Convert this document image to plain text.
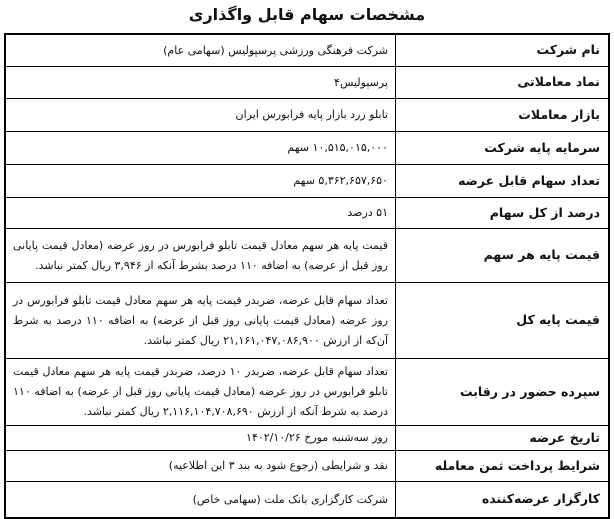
مشخصات سهام قابل واگذاری
نام شرکت	شرکت فرهنگی ورزشی پرسپولیس (سهامی عام)
نماد معاملاتی	پرسپولیس۴
بازار معاملات	تابلو زرد بازار پایه فرابورس ایران
سرمایه پایه شرکت	۱۰,۵۱۵,۰۱۵,۰۰۰ سهم
تعداد سهام قابل عرضه	۵,۳۶۲,۶۵۷,۶۵۰ سهم
درصد از کل سهام	۵۱ درصد
قیمت پایه هر سهم	قیمت پایه هر سهم معادل قیمت تابلو فرابورس در روز عرضه (معادل قیمت پایانی روز قبل از عرضه) به اضافه ۱۱۰ درصد بشرط آنکه از ۳,۹۴۶ ریال کمتر نباشد.
قیمت پایه کل	تعداد سهام قابل عرضه، ضربدر قیمت پایه هر سهم معادل قیمت تابلو فرابورس در روز عرضه (معادل قیمت پایانی روز قبل از عرضه) به اضافه ۱۱۰ درصد به شرط آن‌که از ارزش ۲۱,۱۶۱,۰۴۷,۰۸۶,۹۰۰ ریال کمتر نباشد.
سپرده حضور در رقابت	تعداد سهام قابل عرضه، ضربدر ۱۰ درصد، ضربدر قیمت پایه هر سهم معادل قیمت تابلو فرابورس در روز عرضه (معادل قیمت پایانی روز قبل از عرضه) به اضافه ۱۱۰ درصد به شرط آنکه از ارزش ۲,۱۱۶,۱۰۴,۷۰۸,۶۹۰ ریال کمتر نباشد.
تاریخ عرضه	روز سه‌شنبه مورخ ۱۴۰۲/۱۰/۲۶
شرایط پرداخت ثمن معامله	نقد و شرایطی (رجوع شود به بند ۳ این اطلاعیه)
کارگزار عرضه‌کننده	شرکت کارگزاری بانک ملت (سهامی خاص)
